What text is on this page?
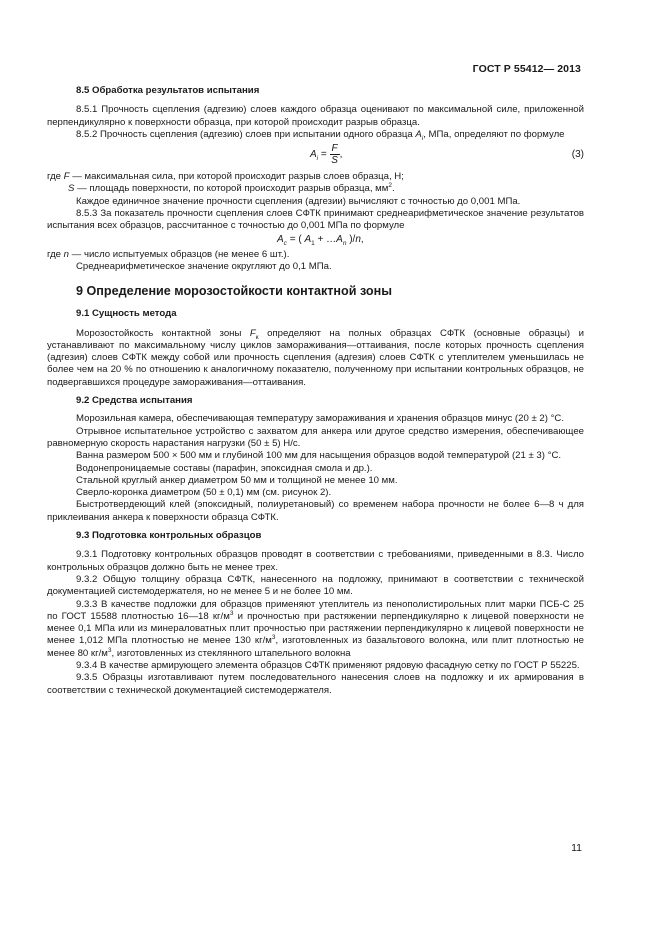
ГОСТ Р 55412— 2013

8.5 Обработка результатов испытания

8.5.1 Прочность сцепления (адгезию) слоев каждого образца оценивают по максимальной силе, приложенной перпендикулярно к поверхности образца, при которой происходит разрыв образца.

8.5.2 Прочность сцепления (адгезию) слоев при испытании одного образца $A_i$, МПа, определяют по формуле

$A_i = \frac{F}{S}$ ,	(3)

где F — максимальная сила, при которой происходит разрыв слоев образца, Н;

S — площадь поверхности, по которой происходит разрыв образца, $мм^2$.

Каждое единичное значение прочности сцепления (адгезии) вычисляют с точностью до 0,001 МПа.

8.5.3 За показатель прочности сцепления слоев СФТК принимают среднеарифметическое значение результатов испытания всех образцов, рассчитанное с точностью до 0,001 МПа по формуле

$A_c$ = ( $A_1$ + $\dots A_n$ )/n,

где n — число испытуемых образцов (не менее 6 шт.).

Среднеарифметическое значение округляют до 0,1 МПа.

9 Определение морозостойкости контактной зоны

9.1 Сущность метода

Морозостойкость контактной зоны $F_к$ определяют на полных образцах СФТК (основные образцы) и устанавливают по максимальному числу циклов замораживания—оттаивания, после которых прочность сцепления (адгезия) слоев СФТК между собой или прочность сцепления (адгезия) слоев СФТК с утеплителем уменьшилась не более чем на 20 % по отношению к аналогичному показателю, полученному при испытании контрольных образцов, не подвергавшихся процедуре замораживания—оттаивания.

9.2 Средства испытания

Морозильная камера, обеспечивающая температуру замораживания и хранения образцов минус (20 ± 2) °С.

Отрывное испытательное устройство с захватом для анкера или другое средство измерения, обеспечивающее равномерную скорость нарастания нагрузки (50 ± 5) Н/с.

Ванна размером 500 × 500 мм и глубиной 100 мм для насыщения образцов водой температурой (21 ± 3) °С.

Водонепроницаемые составы (парафин, эпоксидная смола и др.).

Стальной круглый анкер диаметром 50 мм и толщиной не менее 10 мм.

Сверло-коронка диаметром (50 ± 0,1) мм (см. рисунок 2).

Быстротвердеющий клей (эпоксидный, полиуретановый) со временем набора прочности не более 6—8 ч для приклеивания анкера к поверхности образца СФТК.

9.3 Подготовка контрольных образцов

9.3.1 Подготовку контрольных образцов проводят в соответствии с требованиями, приведенными в 8.3. Число контрольных образцов должно быть не менее трех.

9.3.2 Общую толщину образца СФТК, нанесенного на подложку, принимают в соответствии с технической документацией системодержателя, но не менее 5 и не более 10 мм.

9.3.3 В качестве подложки для образцов применяют утеплитель из пенополистирольных плит марки ПСБ-С 25 по ГОСТ 15588 плотностью 16—18 $кг/м^3$ и прочностью при растяжении перпендикулярно к лицевой поверхности не менее 0,1 МПа или из минераловатных плит прочностью при растяжении перпендикулярно к лицевой поверхности не менее 1,012 МПа плотностью не менее 130 $кг/м^3$, изготовленных из базальтового волокна, или плит плотностью не менее 80 $кг/м^3$, изготовленных из стеклянного штапельного волокна

9.3.4 В качестве армирующего элемента образцов СФТК применяют рядовую фасадную сетку по ГОСТ Р 55225.

9.3.5 Образцы изготавливают путем последовательного нанесения слоев на подложку и их армирования в соответствии с технической документацией системодержателя.

11
